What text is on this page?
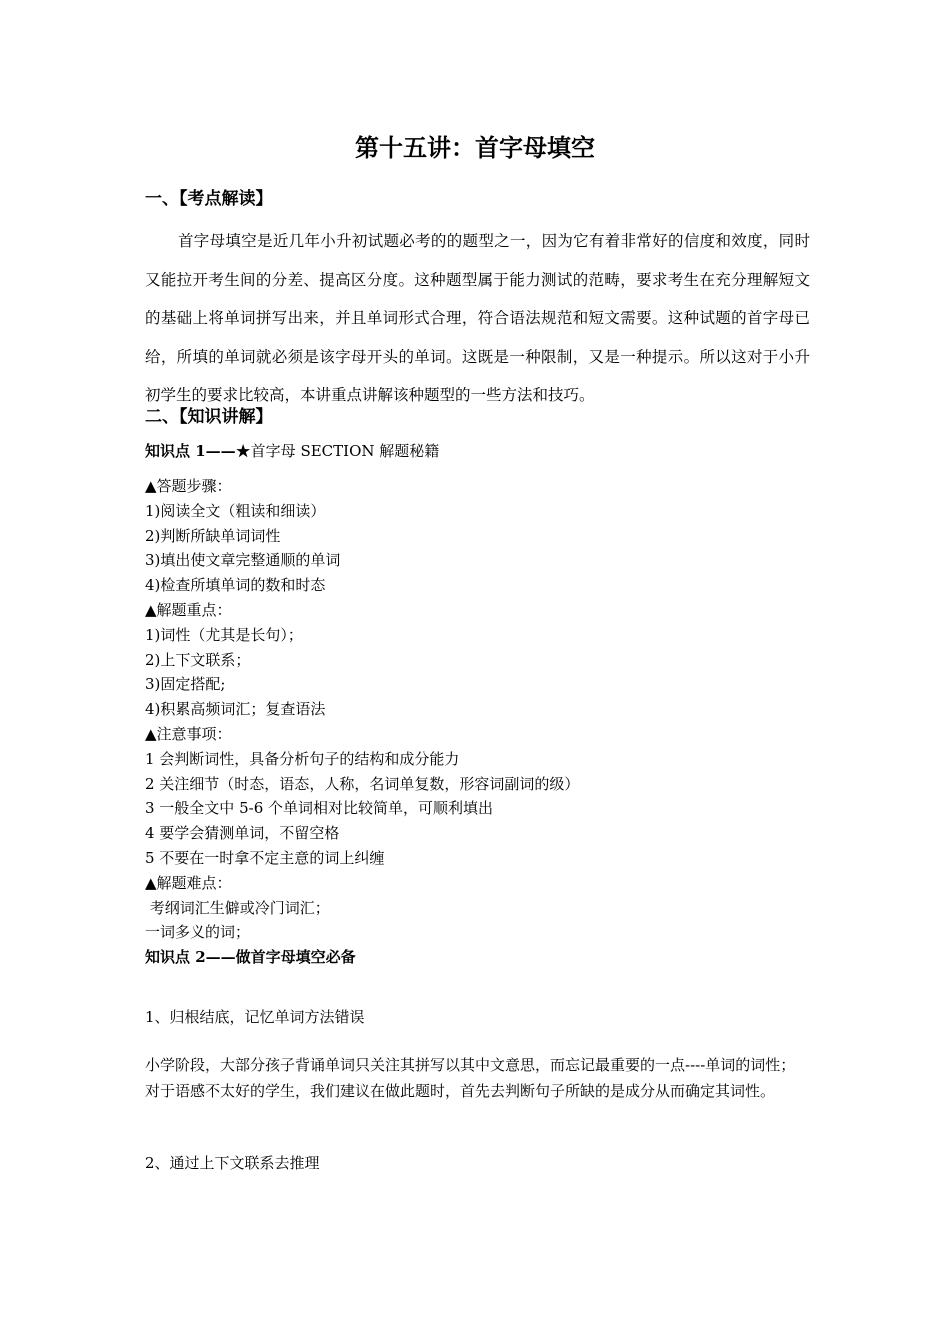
第十五讲：首字母填空
一、【考点解读】
首字母填空是近几年小升初试题必考的的题型之一，因为它有着非常好的信度和效度，同时又能拉开考生间的分差、提高区分度。这种题型属于能力测试的范畴，要求考生在充分理解短文的基础上将单词拼写出来，并且单词形式合理，符合语法规范和短文需要。这种试题的首字母已给，所填的单词就必须是该字母开头的单词。这既是一种限制，又是一种提示。所以这对于小升初学生的要求比较高，本讲重点讲解该种题型的一些方法和技巧。
二、【知识讲解】
知识点 1——★首字母 SECTION 解题秘籍
▲答题步骤：
1)阅读全文（粗读和细读）
2)判断所缺单词词性
3)填出使文章完整通顺的单词
4)检查所填单词的数和时态
▲解题重点：
1)词性（尤其是长句）；
2)上下文联系；
3)固定搭配;
4)积累高频词汇；复查语法
▲注意事项：
1 会判断词性，具备分析句子的结构和成分能力
2 关注细节（时态，语态，人称，名词单复数，形容词副词的级）
3 一般全文中 5-6 个单词相对比较简单，可顺利填出
4 要学会猜测单词，不留空格
5 不要在一时拿不定主意的词上纠缠
▲解题难点：
考纲词汇生僻或冷门词汇；
一词多义的词；
知识点 2——做首字母填空必备
1、归根结底，记忆单词方法错误
小学阶段，大部分孩子背诵单词只关注其拼写以其中文意思，而忘记最重要的一点----单词的词性；对于语感不太好的学生，我们建议在做此题时，首先去判断句子所缺的是成分从而确定其词性。
2、通过上下文联系去推理
